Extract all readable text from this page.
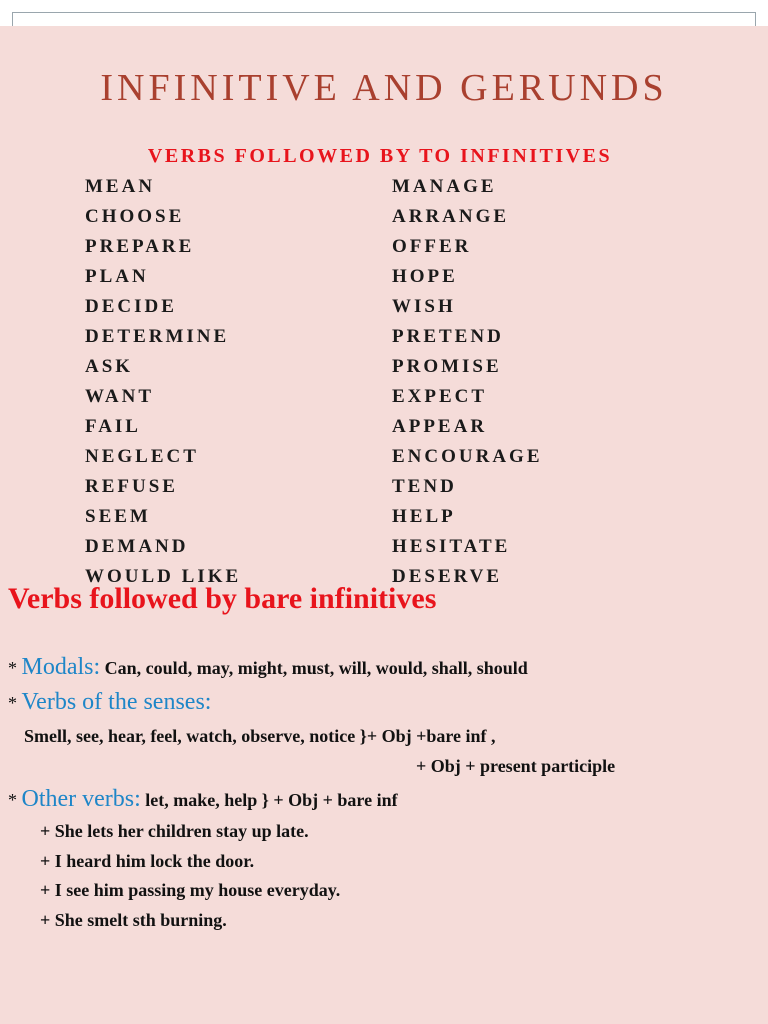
INFINITIVE AND GERUNDS
VERBS FOLLOWED BY TO INFINITIVES
MEAN
CHOOSE
PREPARE
PLAN
DECIDE
DETERMINE
ASK
WANT
FAIL
NEGLECT
REFUSE
SEEM
DEMAND
WOULD LIKE
MANAGE
ARRANGE
OFFER
HOPE
WISH
PRETEND
PROMISE
EXPECT
APPEAR
ENCOURAGE
TEND
HELP
HESITATE
DESERVE
Verbs followed by bare infinitives
* Modals: Can, could, may, might, must, will, would, shall, should
* Verbs of the senses:
Smell, see, hear, feel, watch, observe, notice }+ Obj +bare inf ,
+ Obj + present participle
* Other verbs: let, make, help } + Obj + bare inf
+ She lets her children stay up late.
+ I heard him lock the door.
+ I see him passing my house everyday.
+ She smelt sth burning.
